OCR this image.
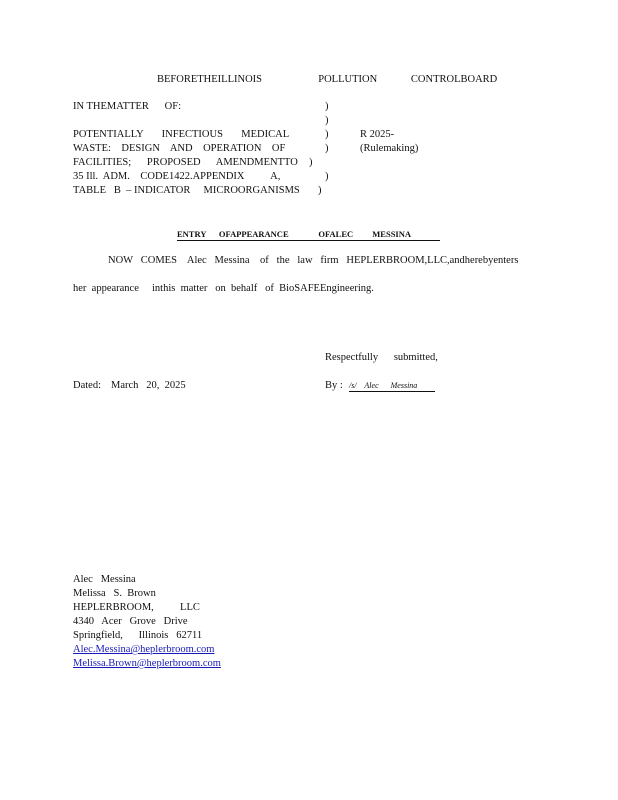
BEFORETHEILLINOIS          POLLUTION      CONTROLBOARD
IN THEMATTER      OF:
POTENTIALLY       INFECTIOUS       MEDICAL
WASTE:    DESIGN    AND    OPERATION    OF
FACILITIES;      PROPOSED      AMENDMENTTO
35 Ill.  ADM.    CODE1422.APPENDIX          A,
TABLE   B  – INDICATOR     MICROORGANISMS
)
)
)
)
)
)
)
R 2025-
(Rulemaking)
ENTRY      OFAPPEARANCE              OFALEC         MESSINA
NOW   COMES    Alec   Messina    of   the   law   firm   HEPLERBROOM,LLC,andherebyenters
her  appearance     inthis  matter   on  behalf   of  BioSAFEEngineering.
Respectfully      submitted,
Dated: March   20,  2025	By : /s/    Alec      Messina
Alec   Messina
Melissa   S.  Brown
HEPLERBROOM,          LLC
4340   Acer   Grove   Drive
Springfield,      Illinois   62711
Alec.Messina@heplerbroom.com
Melissa.Brown@heplerbroom.com
